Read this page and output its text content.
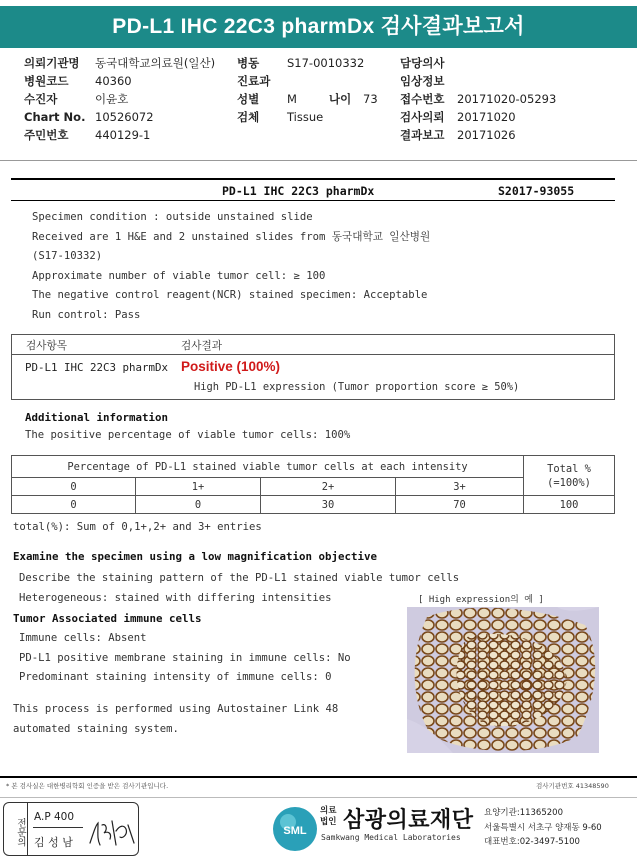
PD-L1 IHC 22C3 pharmDx 검사결과보고서
의뢰기관명 동국대학교의료원(일산)
병원코드 40360
수진자	이윤호
Chart No. 10526072
주민번호 440129-1
병동 S17-0010332
진료과
성별 M	나이 73
검체 Tissue
담당의사
임상정보
접수번호 20171020-05293
검사의뢰 20171020
결과보고 20171026
PD-L1 IHC 22C3 pharmDx	S2017-93055
Specimen condition : outside unstained slide
Received are 1 H&E and 2 unstained slides from 동국대학교 일산병원
(S17-10332)
Approximate number of viable tumor cell: ≥ 100
The negative control reagent(NCR) stained specimen: Acceptable
Run control: Pass
검사항목	검사결과
PD-L1 IHC 22C3 pharmDx Positive (100%)
High PD-L1 expression (Tumor proportion score ≥ 50%)
Additional information
The positive percentage of viable tumor cells: 100%
Percentage of PD-L1 stained viable tumor cells at each intensity				Total %
(=100%)

0	1+	2+	3+	
0	0	30	70	100
total(%): Sum of 0,1+,2+ and 3+ entries
Examine the specimen using a low magnification objective
Describe the staining pattern of the PD-L1 stained viable tumor cells
Heterogeneous: stained with differing intensities
Tumor Associated immune cells
Immune cells: Absent
PD-L1 positive membrane staining in immune cells: No
Predominant staining intensity of immune cells: 0
This process is performed using Autostainer Link 48
automated staining system.
[ High expression의 예 ]
* 본 검사실은 대한병리학회 인증을 받은 검사기관입니다.	검사기관번호 41348590
전문의
A.P 400
김 성 남
SML
의료법인 삼광의료재단
Samkwang Medical Laboratories
요양기관:11365200
서울특별시 서초구 양재동 9-60
대표번호:02-3497-5100
